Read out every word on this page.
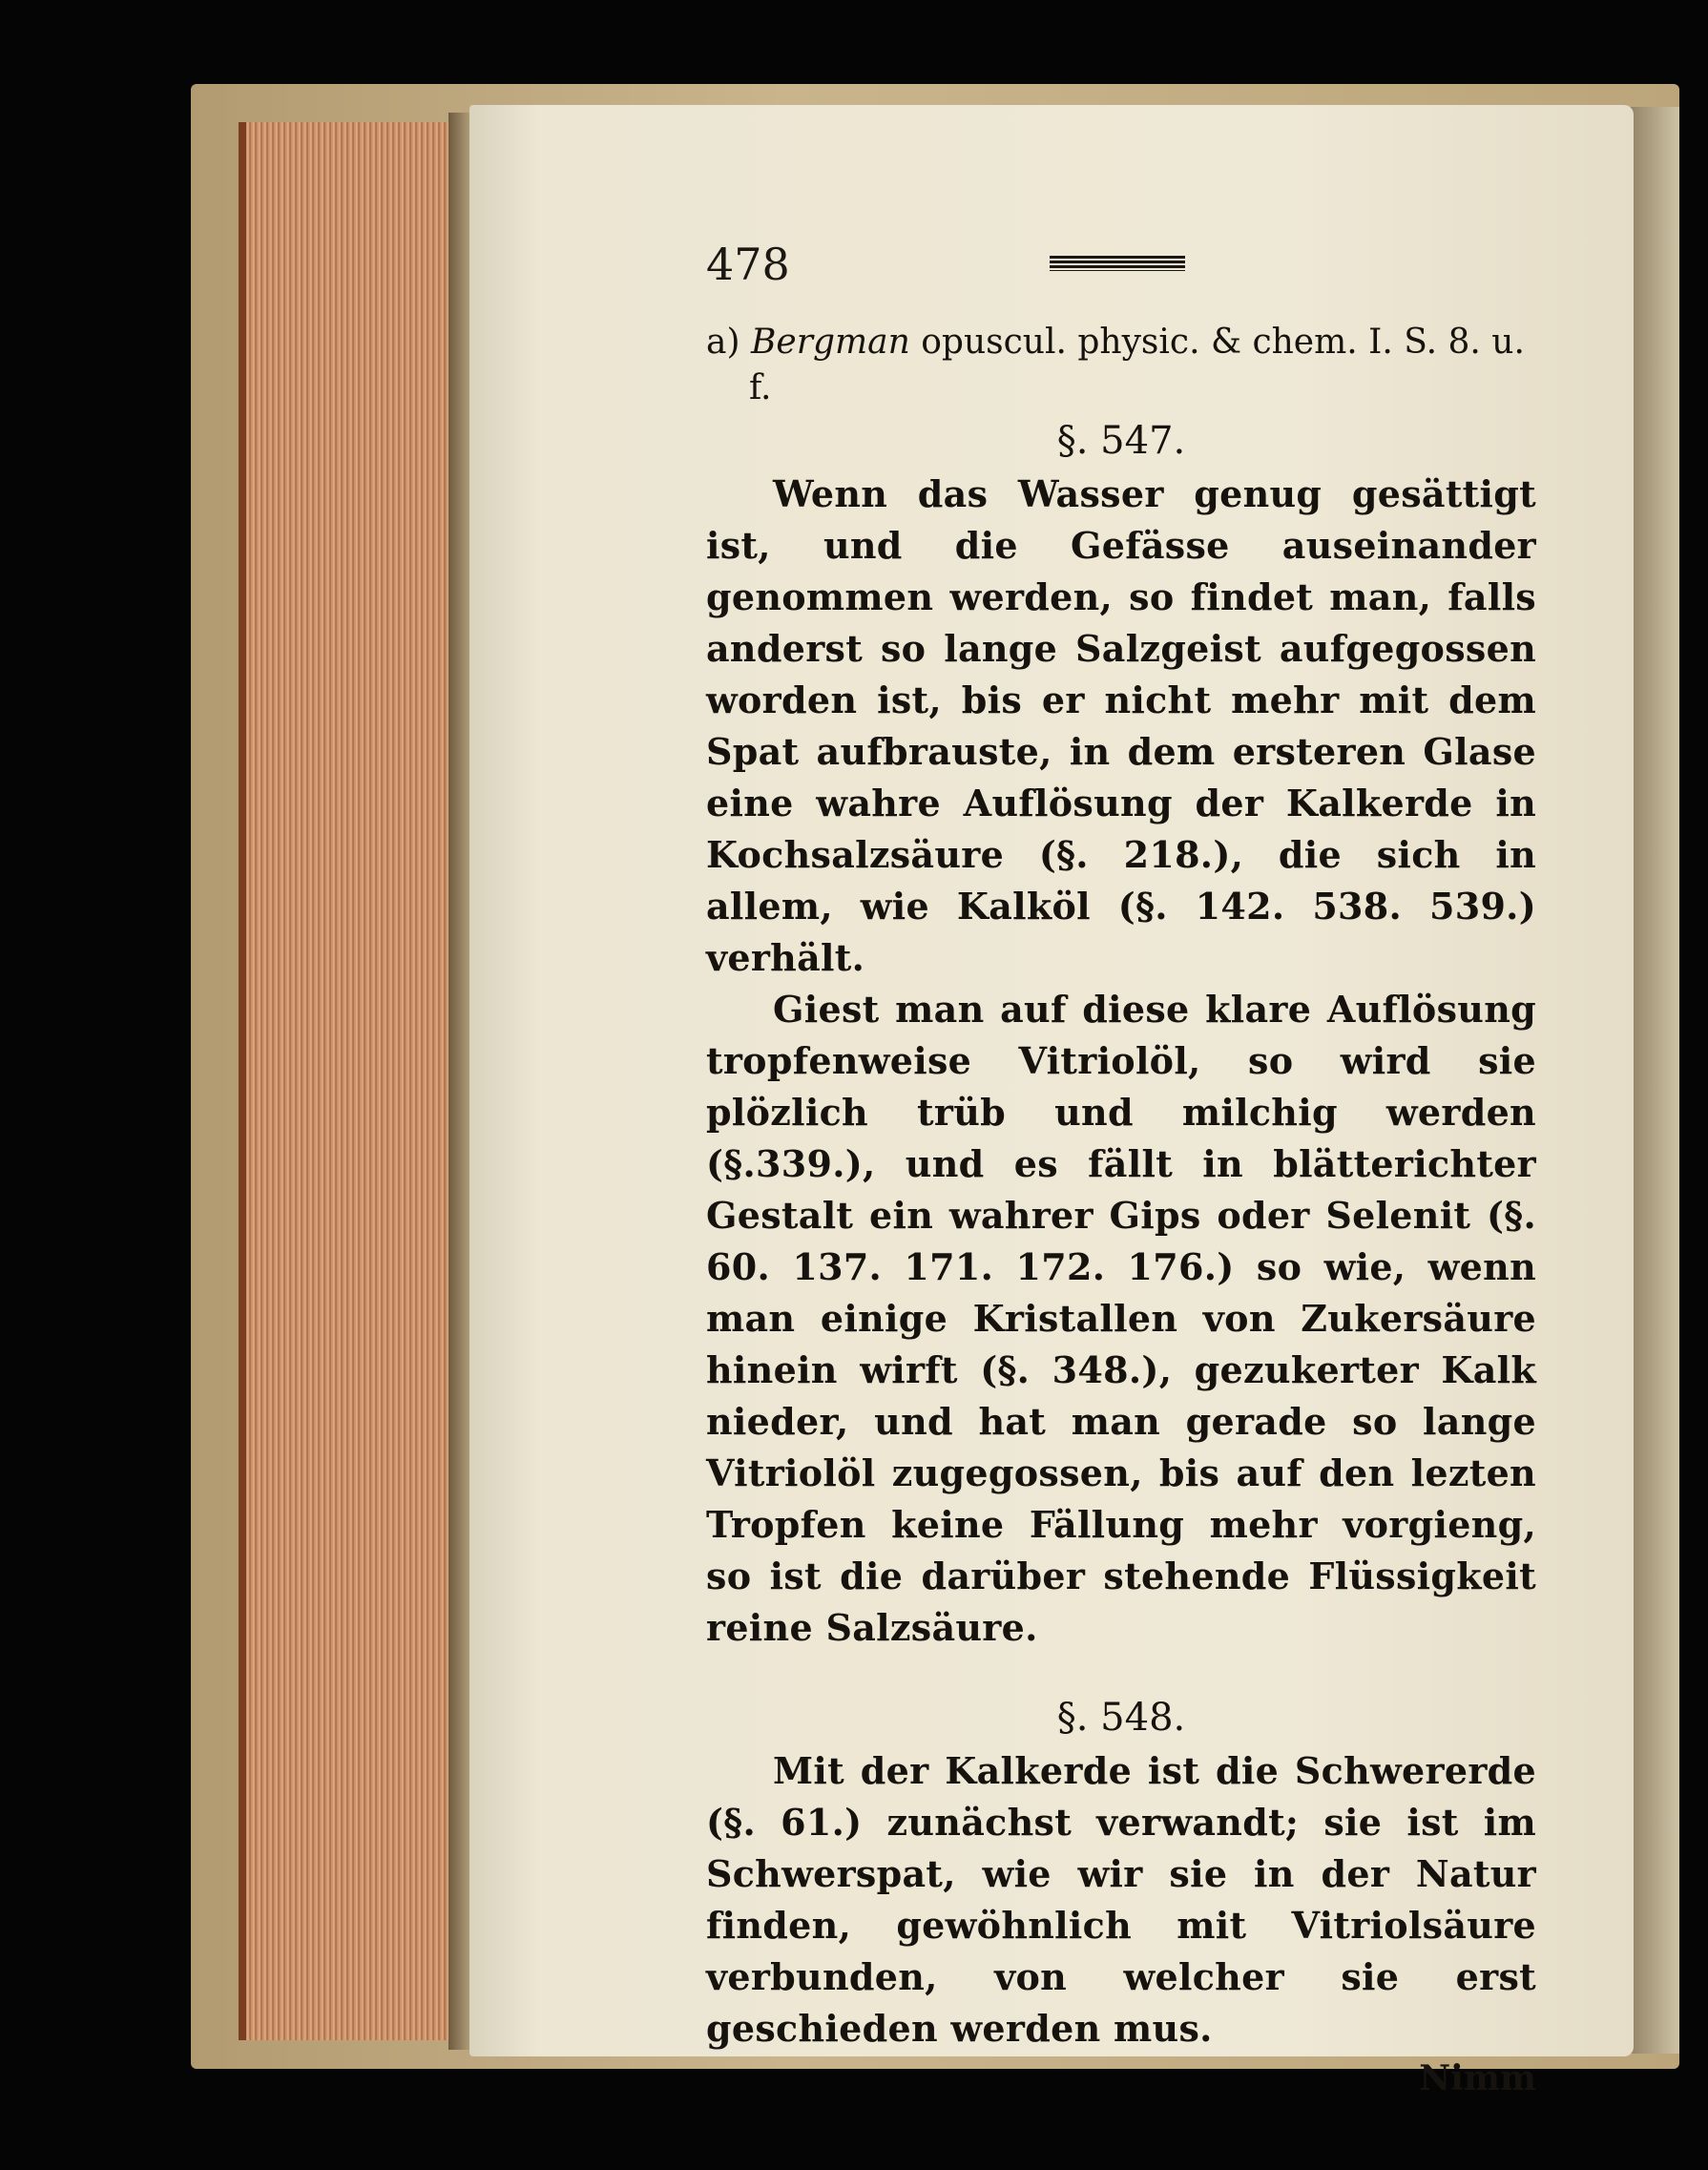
478

a) Bergman opuscul. physic. & chem. I. S. 8. u. f.

§. 547.

Wenn das Wasser genug gesättigt ist, und die Gefässe auseinander genommen werden, so findet man, falls anderst so lange Salzgeist aufgegossen worden ist, bis er nicht mehr mit dem Spat aufbrauste, in dem ersteren Glase eine wahre Auflösung der Kalkerde in Kochsalzsäure (§. 218.), die sich in allem, wie Kalköl (§. 142. 538. 539.) verhält.

Giest man auf diese klare Auflösung tropfenweise Vitriolöl, so wird sie plözlich trüb und milchig werden (§.339.), und es fällt in blätterichter Gestalt ein wahrer Gips oder Selenit (§. 60. 137. 171. 172. 176.) so wie, wenn man einige Kristallen von Zukersäure hinein wirft (§. 348.), gezukerter Kalk nieder, und hat man gerade so lange Vitriolöl zugegossen, bis auf den lezten Tropfen keine Fällung mehr vorgieng, so ist die darüber stehende Flüssigkeit reine Salzsäure.

§. 548.

Mit der Kalkerde ist die Schwererde (§. 61.) zunächst verwandt; sie ist im Schwerspat, wie wir sie in der Natur finden, gewöhnlich mit Vitriolsäure verbunden, von welcher sie erst geschieden werden mus.

Nimm
